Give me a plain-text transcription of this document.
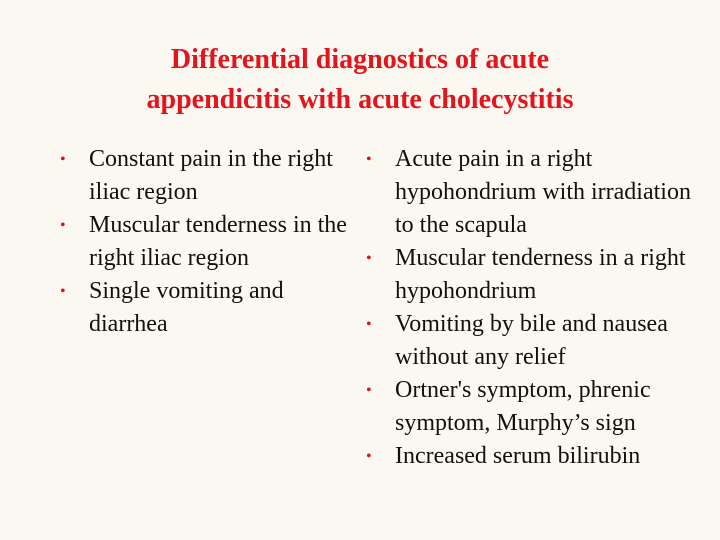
Differential diagnostics of acute
appendicitis with acute cholecystitis
• Constant pain in the right iliac region
• Muscular tenderness in the right iliac region
• Single vomiting and diarrhea
• Acute pain in a right hypohondrium with irradiation to the scapula
• Muscular tenderness in a right hypohondrium
• Vomiting by bile and nausea without any relief
• Ortner's symptom, phrenic symptom, Murphy’s sign
• Increased serum bilirubin
